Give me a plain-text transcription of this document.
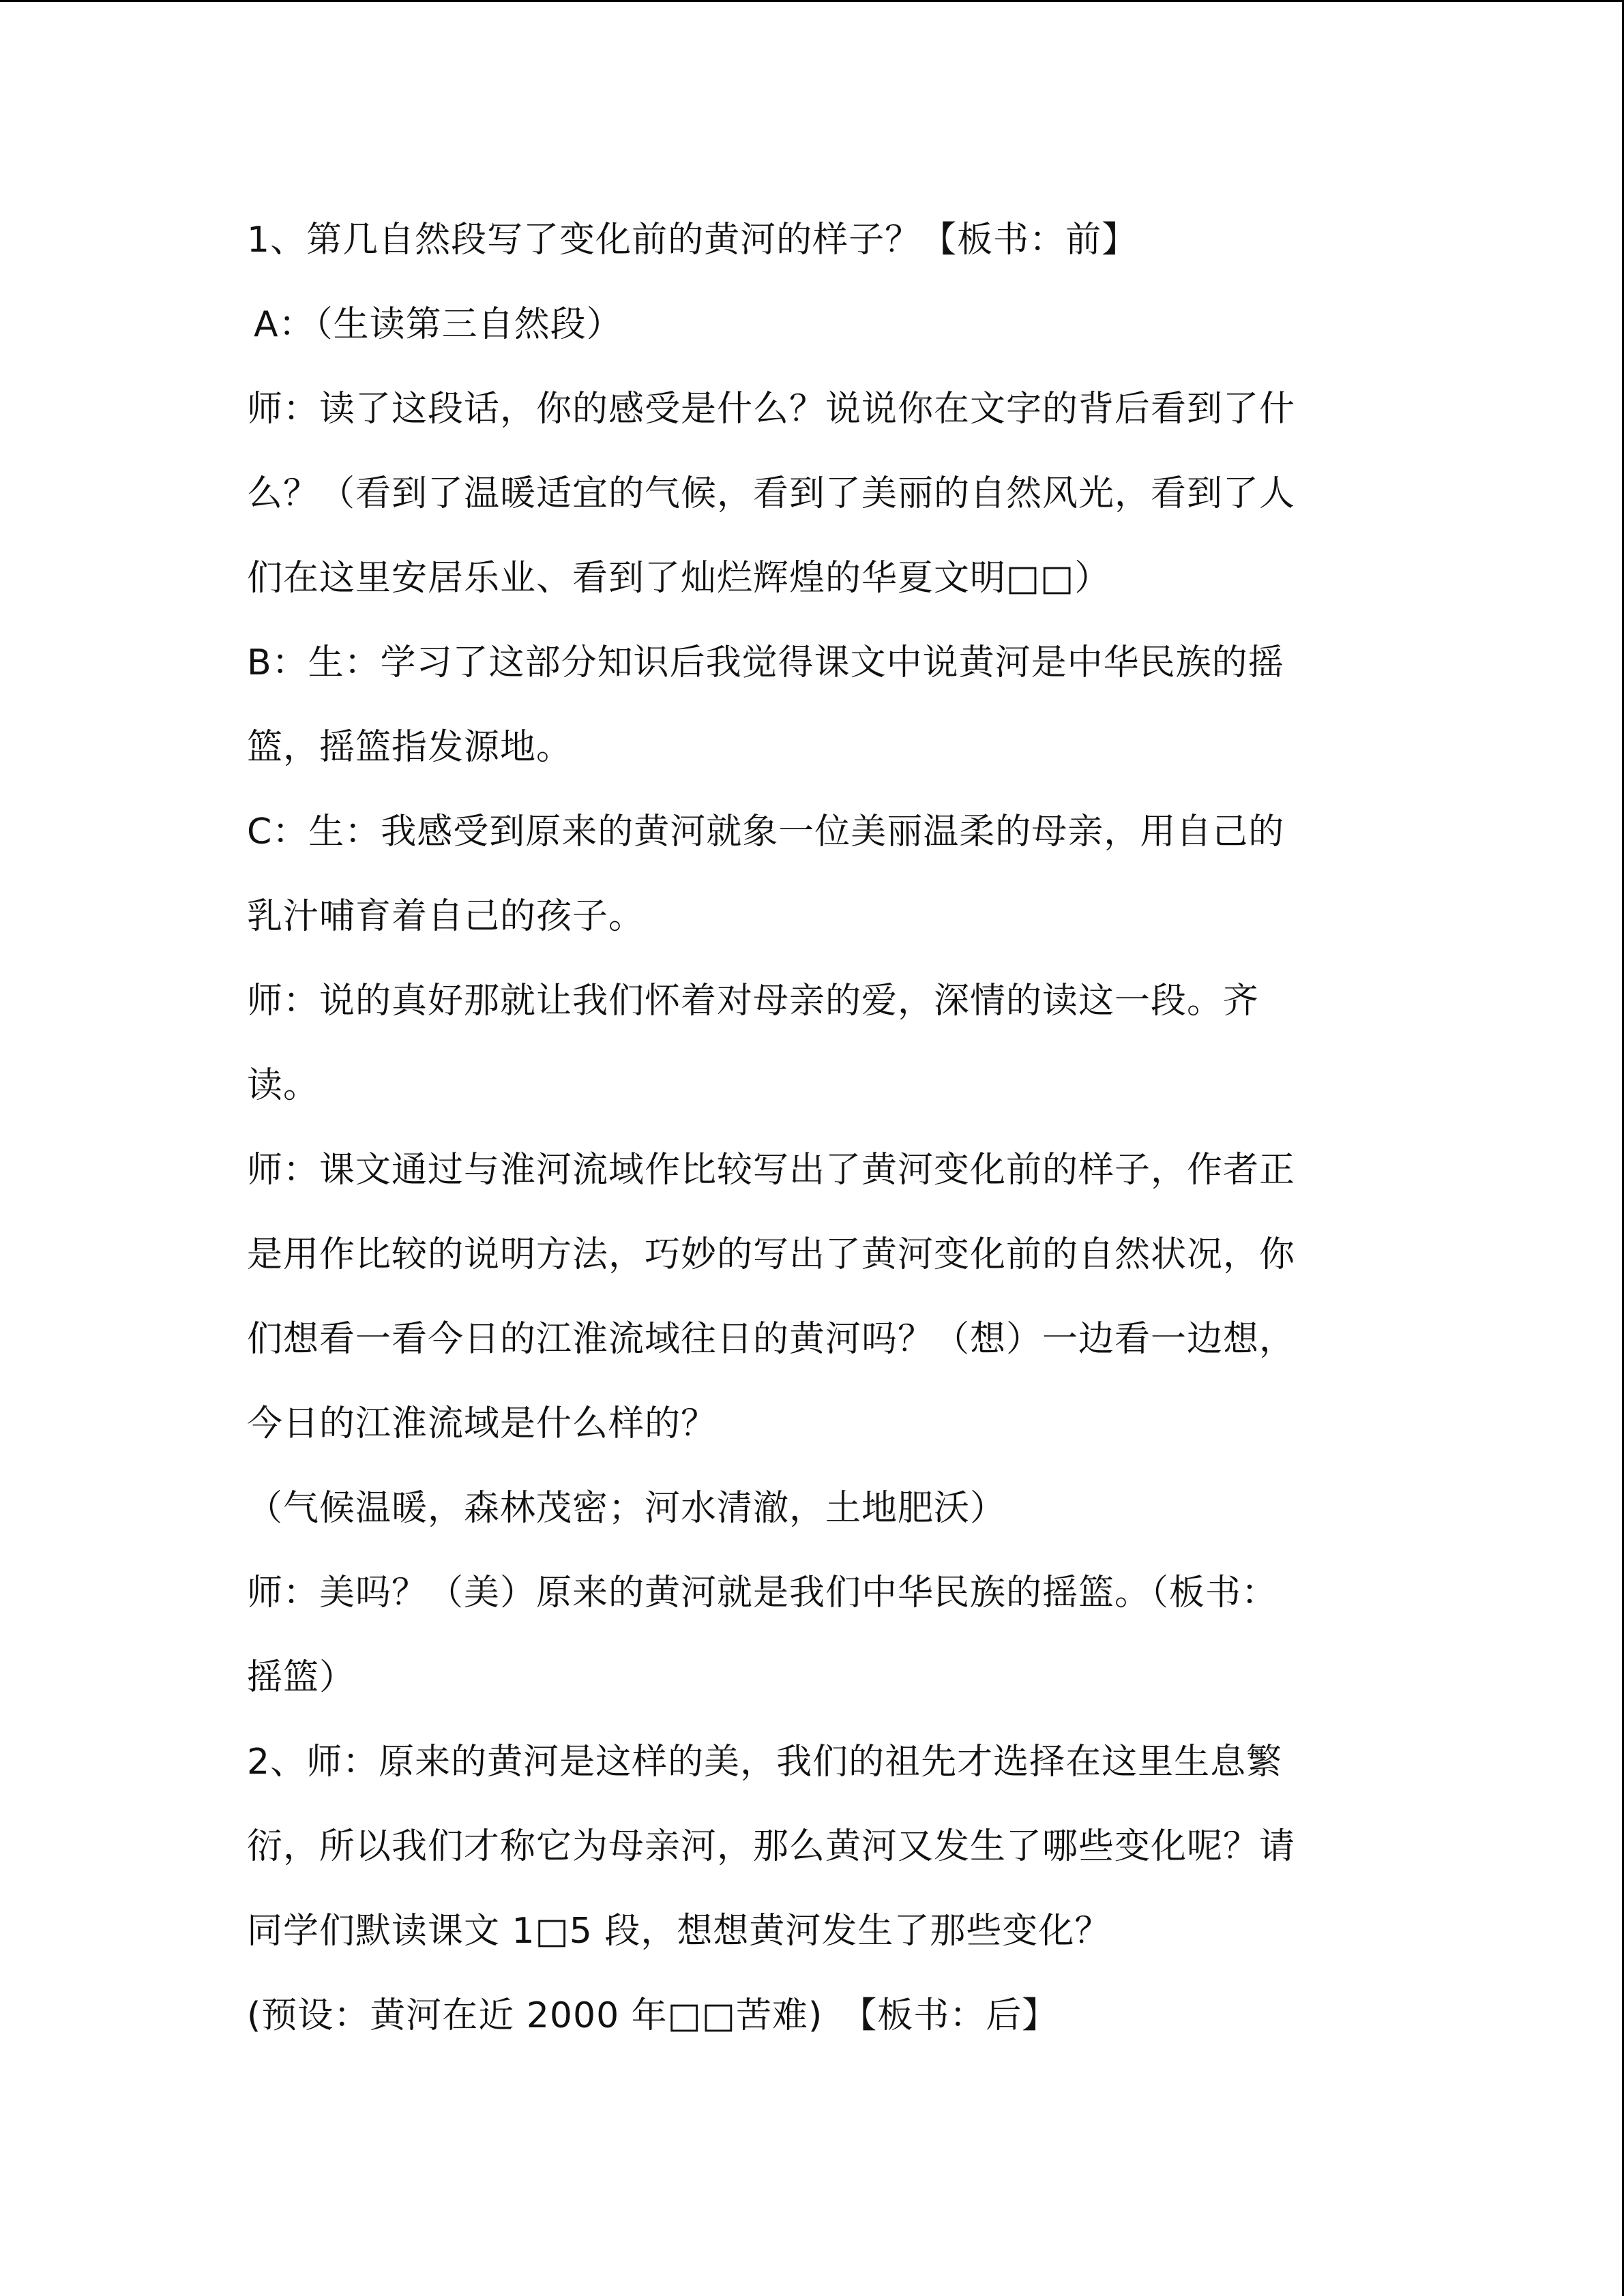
1、第几自然段写了变化前的黄河的样子？【板书：前】
A：（生读第三自然段）
师：读了这段话，你的感受是什么？说说你在文字的背后看到了什
么？（看到了温暖适宜的气候，看到了美丽的自然风光，看到了人
们在这里安居乐业、看到了灿烂辉煌的华夏文明□□）
B：生：学习了这部分知识后我觉得课文中说黄河是中华民族的摇
篮，摇篮指发源地。
C：生：我感受到原来的黄河就象一位美丽温柔的母亲，用自己的
乳汁哺育着自己的孩子。
师：说的真好那就让我们怀着对母亲的爱，深情的读这一段。齐
读。
师：课文通过与淮河流域作比较写出了黄河变化前的样子，作者正
是用作比较的说明方法，巧妙的写出了黄河变化前的自然状况，你
们想看一看今日的江淮流域往日的黄河吗？（想）一边看一边想，
今日的江淮流域是什么样的？
（气候温暖，森林茂密；河水清澈，土地肥沃）
师：美吗？（美）原来的黄河就是我们中华民族的摇篮。（板书：
摇篮）
2、师：原来的黄河是这样的美，我们的祖先才选择在这里生息繁
衍，所以我们才称它为母亲河，那么黄河又发生了哪些变化呢？请
同学们默读课文 1□5 段，想想黄河发生了那些变化？
(预设：黄河在近 2000 年□□苦难)　【板书：后】
